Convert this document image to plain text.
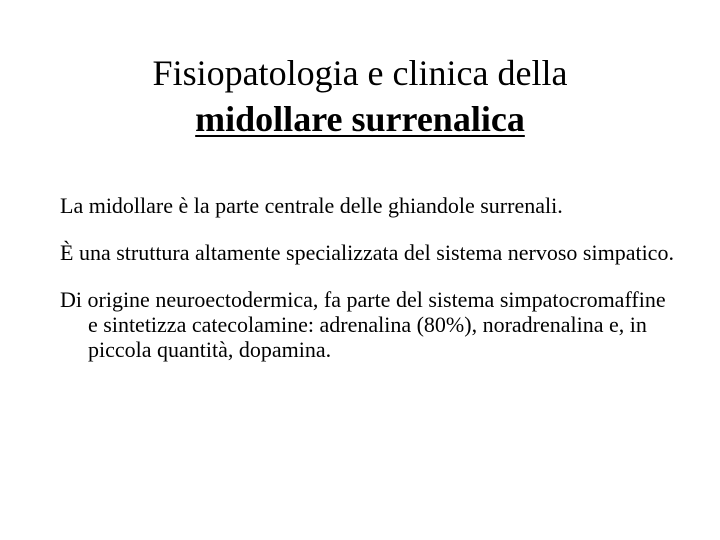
Fisiopatologia e clinica della
midollare surrenalica

La midollare è la parte centrale delle ghiandole surrenali.

È una struttura altamente specializzata del sistema nervoso simpatico.

Di origine neuroectodermica, fa parte del sistema simpatocromaffine e sintetizza catecolamine: adrenalina (80%), noradrenalina e, in piccola quantità, dopamina.
